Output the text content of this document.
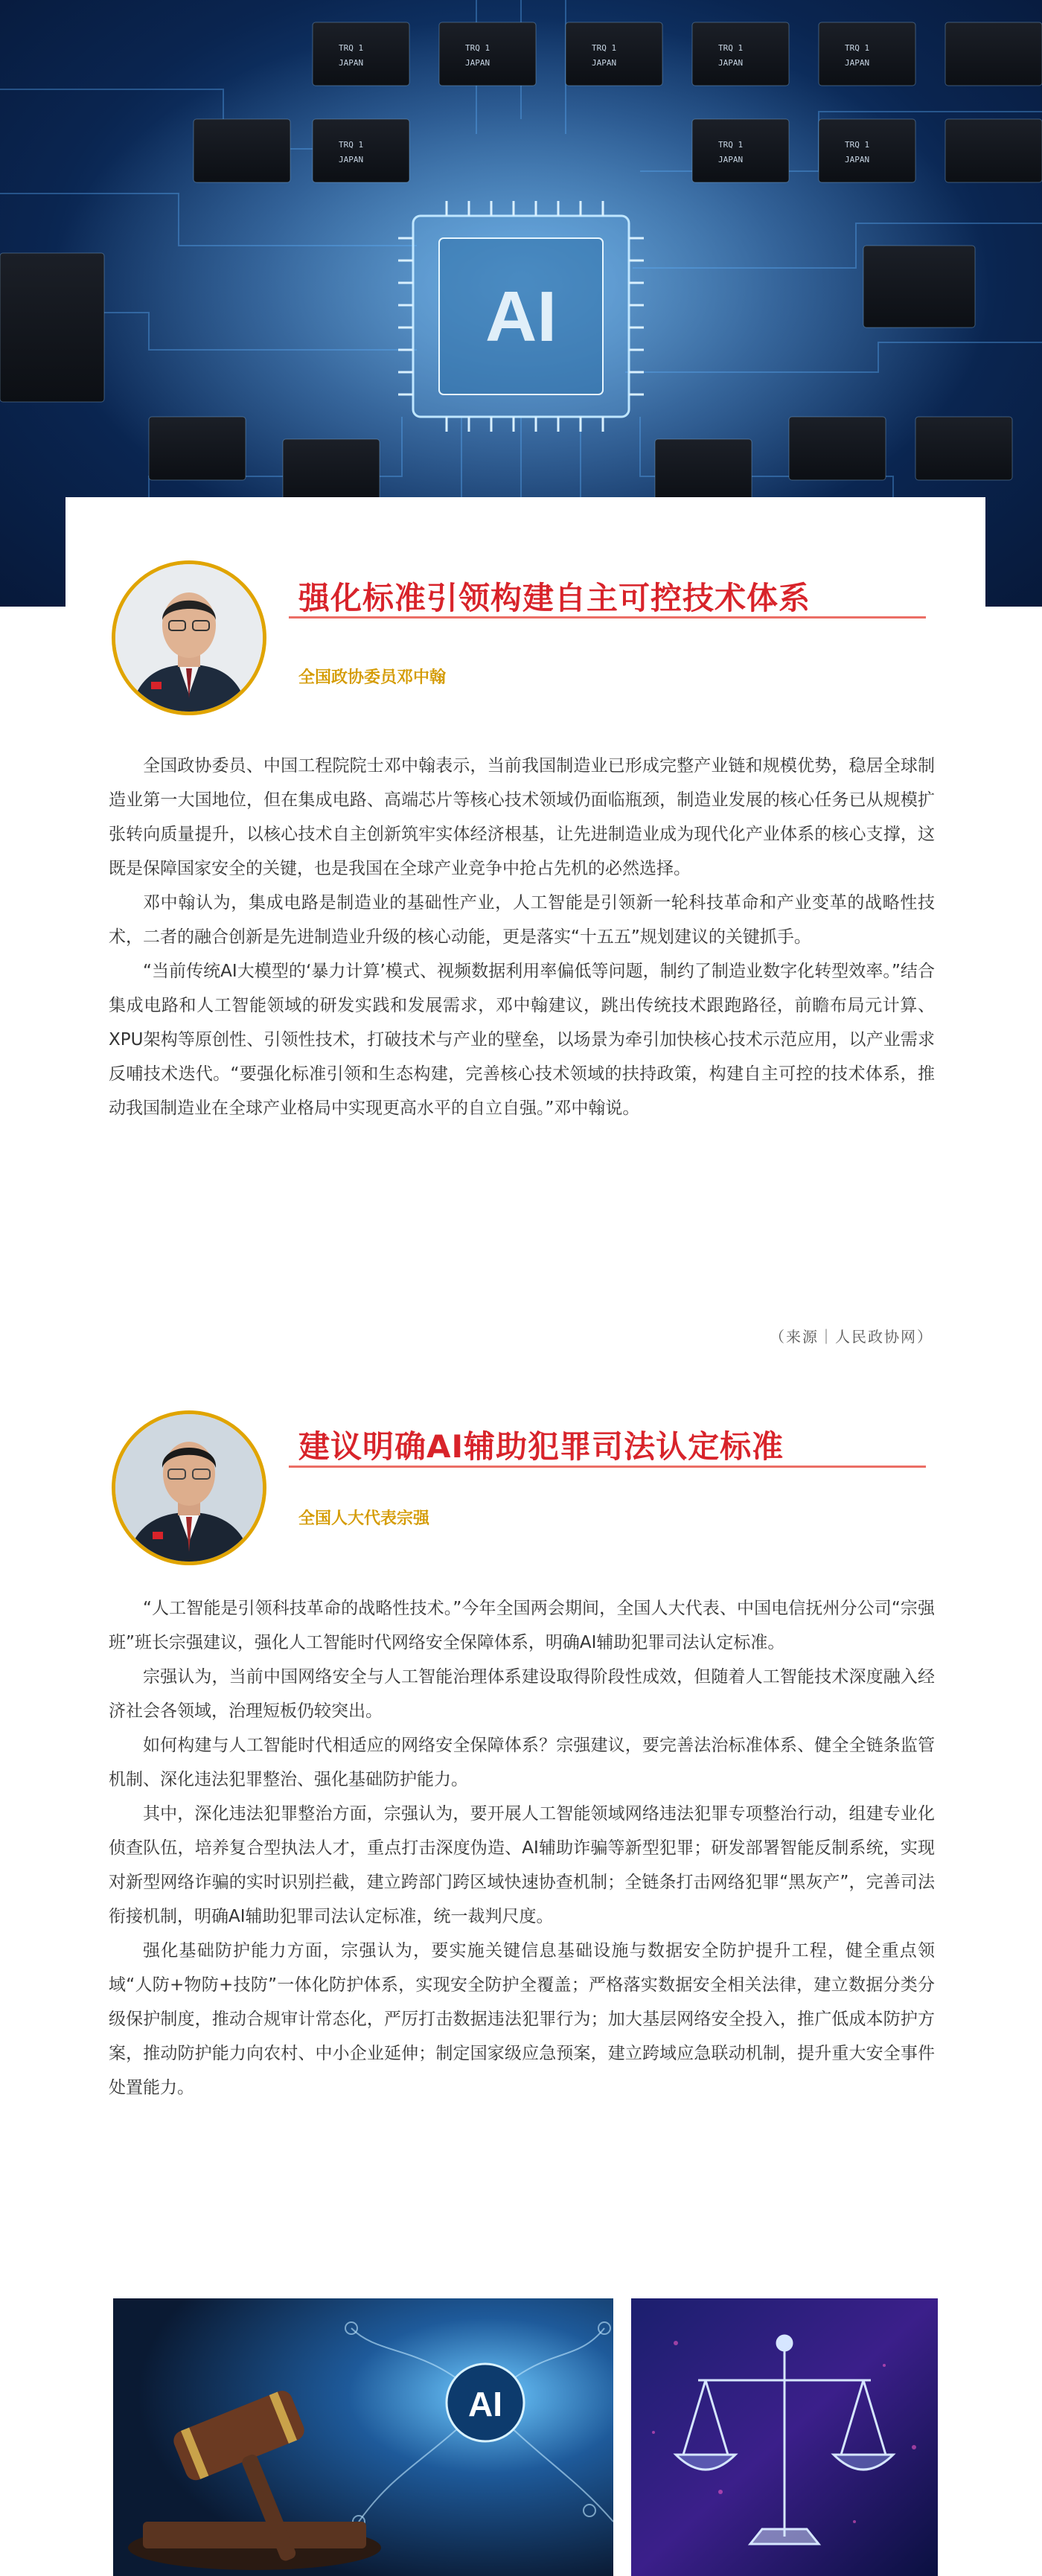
TRQ 1	TRQ 1	TRQ 1	TRQ 1	TRQ 1
TRQ 1	TRQ 1
TRQ 1
JAPAN	JAPAN	JAPAN	JAPAN	JAPAN
JAPAN	JAPAN
JAPAN
AI
强化标准引领构建自主可控技术体系
全国政协委员邓中翰

全国政协委员、中国工程院院士邓中翰表示，当前我国制造业已形成完整产业链和规模优势，稳居全球制造业第一大国地位，但在集成电路、高端芯片等核心技术领域仍面临瓶颈，制造业发展的核心任务已从规模扩张转向质量提升，以核心技术自主创新筑牢实体经济根基，让先进制造业成为现代化产业体系的核心支撑，这既是保障国家安全的关键，也是我国在全球产业竞争中抢占先机的必然选择。

邓中翰认为，集成电路是制造业的基础性产业，人工智能是引领新一轮科技革命和产业变革的战略性技术，二者的融合创新是先进制造业升级的核心动能，更是落实“十五五”规划建议的关键抓手。

“当前传统AI大模型的‘暴力计算’模式、视频数据利用率偏低等问题，制约了制造业数字化转型效率。”结合集成电路和人工智能领域的研发实践和发展需求，邓中翰建议，跳出传统技术跟跑路径，前瞻布局元计算、XPU架构等原创性、引领性技术，打破技术与产业的壁垒，以场景为牵引加快核心技术示范应用，以产业需求反哺技术迭代。“要强化标准引领和生态构建，完善核心技术领域的扶持政策，构建自主可控的技术体系，推动我国制造业在全球产业格局中实现更高水平的自立自强。”邓中翰说。

（来源｜人民政协网）
建议明确AI辅助犯罪司法认定标准
全国人大代表宗强

“人工智能是引领科技革命的战略性技术。”今年全国两会期间，全国人大代表、中国电信抚州分公司“宗强班”班长宗强建议，强化人工智能时代网络安全保障体系，明确AI辅助犯罪司法认定标准。

宗强认为，当前中国网络安全与人工智能治理体系建设取得阶段性成效，但随着人工智能技术深度融入经济社会各领域，治理短板仍较突出。

如何构建与人工智能时代相适应的网络安全保障体系？宗强建议，要完善法治标准体系、健全全链条监管机制、深化违法犯罪整治、强化基础防护能力。

其中，深化违法犯罪整治方面，宗强认为，要开展人工智能领域网络违法犯罪专项整治行动，组建专业化侦查队伍，培养复合型执法人才，重点打击深度伪造、AI辅助诈骗等新型犯罪；研发部署智能反制系统，实现对新型网络诈骗的实时识别拦截，建立跨部门跨区域快速协查机制；全链条打击网络犯罪“黑灰产”，完善司法衔接机制，明确AI辅助犯罪司法认定标准，统一裁判尺度。

强化基础防护能力方面，宗强认为，要实施关键信息基础设施与数据安全防护提升工程，健全重点领域“人防+物防+技防”一体化防护体系，实现安全防护全覆盖；严格落实数据安全相关法律，建立数据分类分级保护制度，推动合规审计常态化，严厉打击数据违法犯罪行为；加大基层网络安全投入，推广低成本防护方案，推动防护能力向农村、中小企业延伸；制定国家级应急预案，建立跨域应急联动机制，提升重大安全事件处置能力。

AI
